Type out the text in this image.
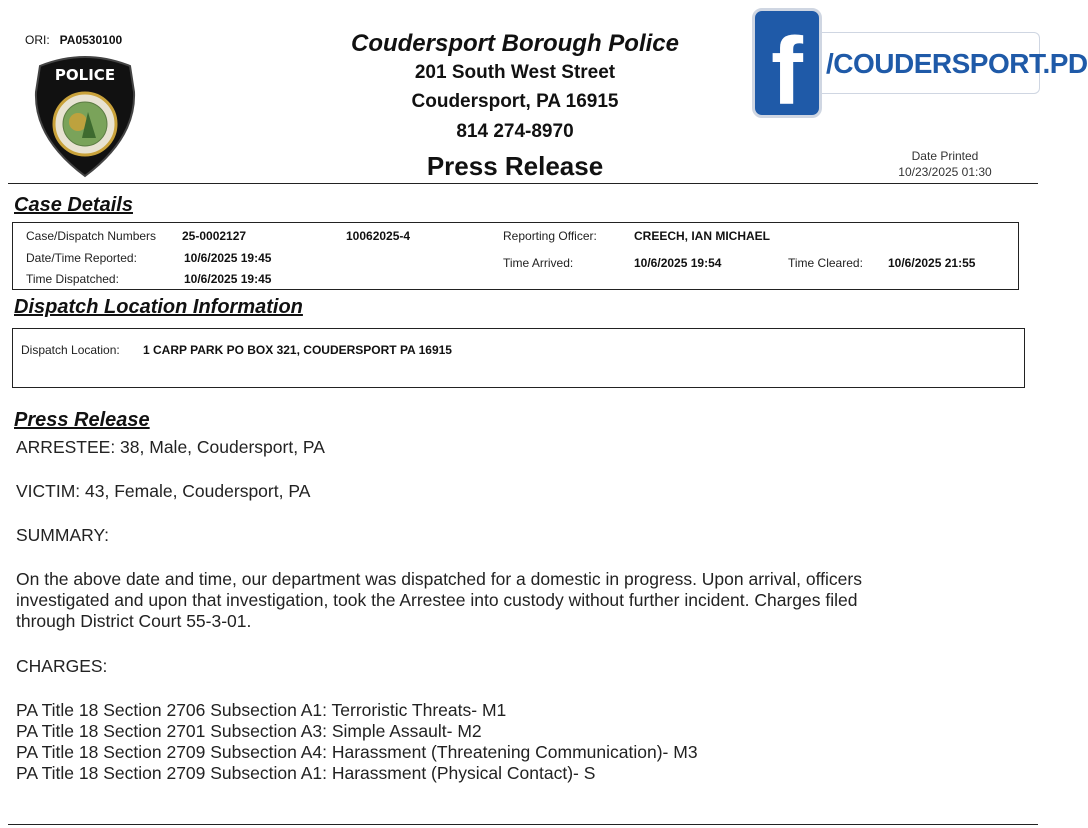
ORI: PA0530100
POLICE
Coudersport Borough Police
201 South West Street
Coudersport, PA 16915
814 274-8970
Press Release
f /COUDERSPORT.PD
Date Printed
10/23/2025 01:30
Case Details
Case/Dispatch Numbers 25-0002127	10062025-4	Reporting Officer:	CREECH, IAN MICHAEL
Date/Time Reported:	10/6/2025 19:45	Time Arrived:	10/6/2025 19:54	Time Cleared: 10/6/2025 21:55
Time Dispatched:	10/6/2025 19:45
Dispatch Location Information
Dispatch Location: 1 CARP PARK PO BOX 321, COUDERSPORT PA 16915
Press Release
ARRESTEE: 38, Male, Coudersport, PA
VICTIM: 43, Female, Coudersport, PA
SUMMARY:
On the above date and time, our department was dispatched for a domestic in progress. Upon arrival, officers
investigated and upon that investigation, took the Arrestee into custody without further incident. Charges filed
through District Court 55-3-01.
CHARGES:
PA Title 18 Section 2706 Subsection A1: Terroristic Threats- M1
PA Title 18 Section 2701 Subsection A3: Simple Assault- M2
PA Title 18 Section 2709 Subsection A4: Harassment (Threatening Communication)- M3
PA Title 18 Section 2709 Subsection A1: Harassment (Physical Contact)- S
